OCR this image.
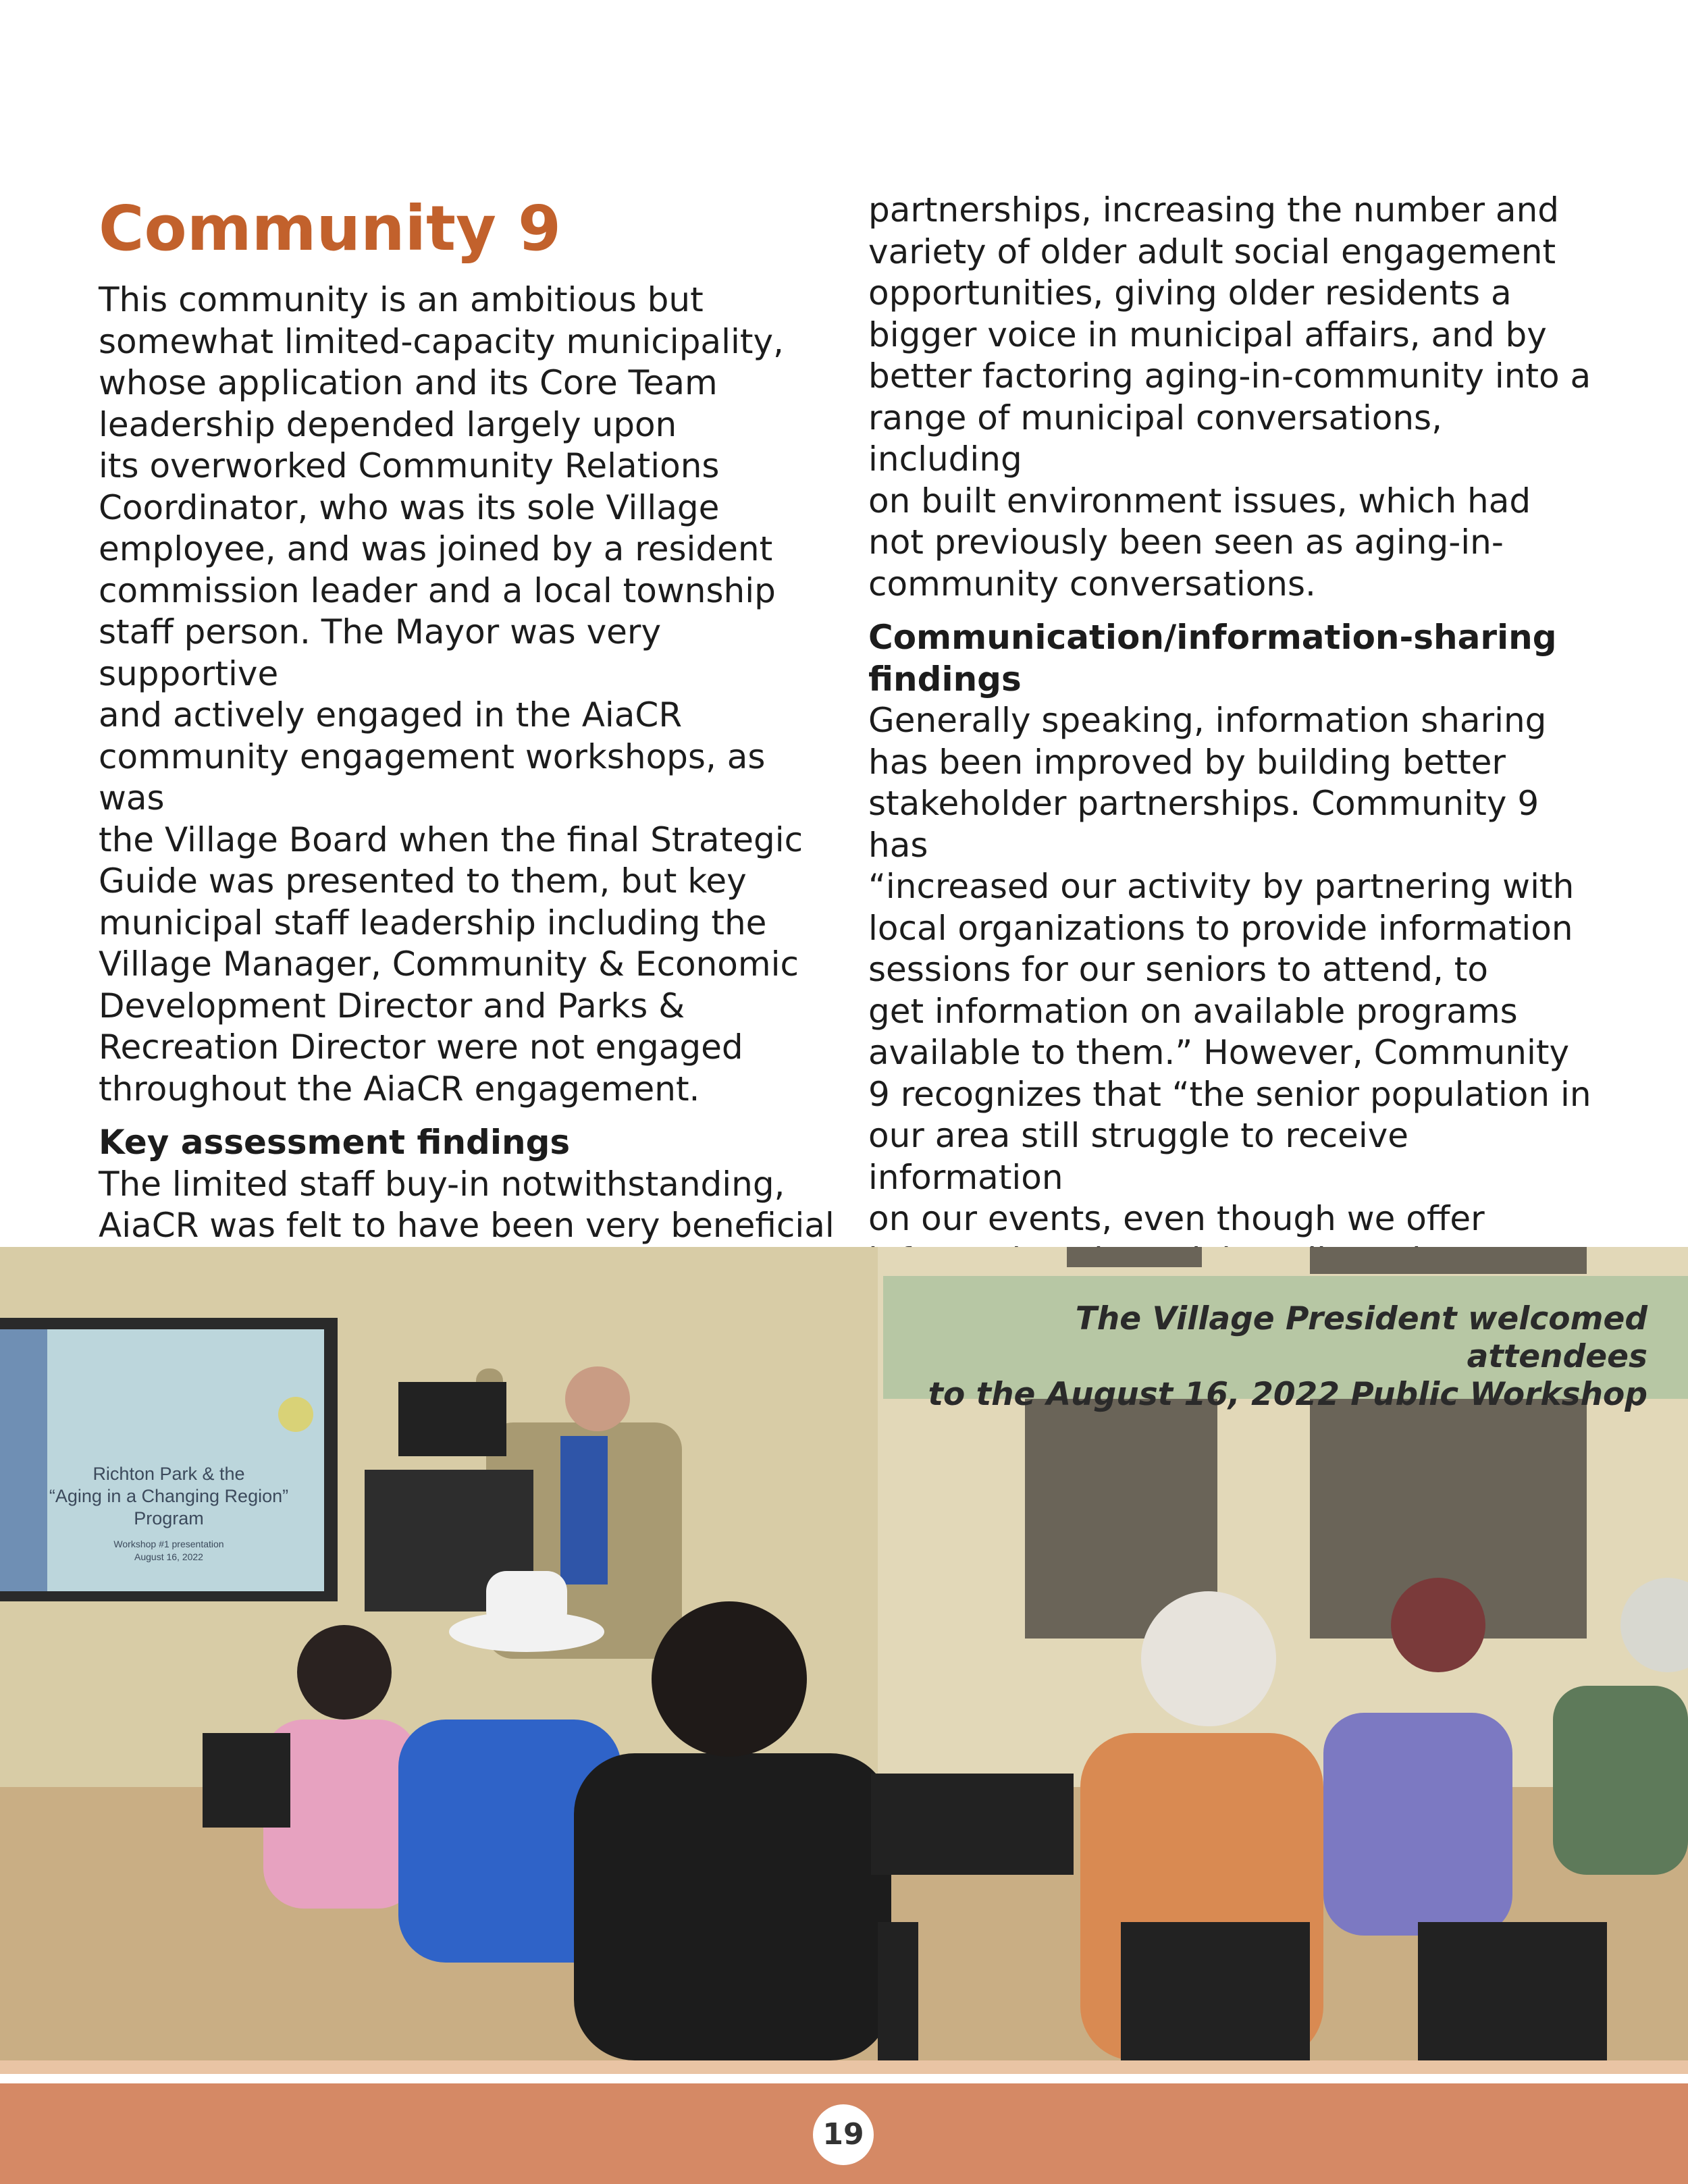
Community 9

This community is an ambitious but
somewhat limited-capacity municipality,
whose application and its Core Team
leadership depended largely upon
its overworked Community Relations
Coordinator, who was its sole Village
employee, and was joined by a resident
commission leader and a local township
staff person. The Mayor was very supportive
and actively engaged in the AiaCR
community engagement workshops, as was
the Village Board when the final Strategic
Guide was presented to them, but key
municipal staff leadership including the
Village Manager, Community & Economic
Development Director and Parks &
Recreation Director were not engaged
throughout the AiaCR engagement.

Key assessment findings

The limited staff buy-in notwithstanding,
AiaCR was felt to have been very beneficial

partnerships, increasing the number and
variety of older adult social engagement
opportunities, giving older residents a
bigger voice in municipal affairs, and by
better factoring aging-in-community into a
range of municipal conversations, including
on built environment issues, which had
not previously been seen as aging-in-
community conversations.

Communication/information-sharing
findings

Generally speaking, information sharing
has been improved by building better
stakeholder partnerships. Community 9 has
“increased our activity by partnering with
local organizations to provide information
sessions for our seniors to attend, to
get information on available programs
available to them.” However, Community
9 recognizes that “the senior population in
our area still struggle to receive information
on our events, even though we offer

Richton Park & the
“Aging in a Changing Region”
Program
Workshop #1 presentation
August 16, 2022
The Village President welcomed attendees
to the August 16, 2022 Public Workshop
19
